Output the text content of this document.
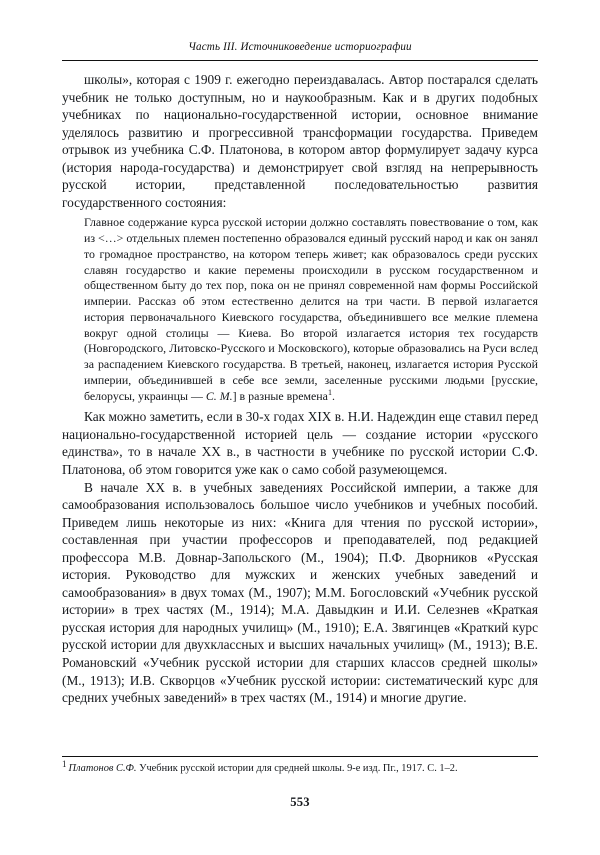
Часть III. Источниковедение историографии

школы», которая с 1909 г. ежегодно переиздавалась. Автор постарался сделать учебник не только доступным, но и наукообразным. Как и в других подобных учебниках по национально-государственной истории, основное внимание уделялось развитию и прогрессивной трансформации государства. Приведем отрывок из учебника С.Ф. Платонова, в котором автор формулирует задачу курса (история народа-государства) и демонстрирует свой взгляд на непрерывность русской истории, представленной последовательностью развития государственного состояния:

Главное содержание курса русской истории должно составлять повествование о том, как из <…> отдельных племен постепенно образовался единый русский народ и как он занял то громадное пространство, на котором теперь живет; как образовалось среди русских славян государство и какие перемены происходили в русском государственном и общественном быту до тех пор, пока он не принял современной нам формы Российской империи. Рассказ об этом естественно делится на три части. В первой излагается история первоначального Киевского государства, объединившего все мелкие племена вокруг одной столицы — Киева. Во второй излагается история тех государств (Новгородского, Литовско-Русского и Московского), которые образовались на Руси вслед за распадением Киевского государства. В третьей, наконец, излагается история Русской империи, объединившей в себе все земли, заселенные русскими людьми [русские, белорусы, украинцы — С. М.] в разные времена$^1$.

Как можно заметить, если в 30-х годах XIX в. Н.И. Надеждин еще ставил перед национально-государственной историей цель — создание истории «русского единства», то в начале XX в., в частности в учебнике по русской истории С.Ф. Платонова, об этом говорится уже как о само собой разумеющемся.

В начале XX в. в учебных заведениях Российской империи, а также для самообразования использовалось большое число учебников и учебных пособий. Приведем лишь некоторые из них: «Книга для чтения по русской истории», составленная при участии профессоров и преподавателей, под редакцией профессора М.В. Довнар-Запольского (М., 1904); П.Ф. Дворников «Русская история. Руководство для мужских и женских учебных заведений и самообразования» в двух томах (М., 1907); М.М. Богословский «Учебник русской истории» в трех частях (М., 1914); М.А. Давыдкин и И.И. Селезнев «Краткая русская история для народных училищ» (М., 1910); Е.А. Звягинцев «Краткий курс русской истории для двухклассных и высших начальных училищ» (М., 1913); В.Е. Романовский «Учебник русской истории для старших классов средней школы» (М., 1913); И.В. Скворцов «Учебник русской истории: систематический курс для средних учебных заведений» в трех частях (М., 1914) и многие другие.

1 Платонов С.Ф. Учебник русской истории для средней школы. 9-е изд. Пг., 1917. С. 1–2.
553
